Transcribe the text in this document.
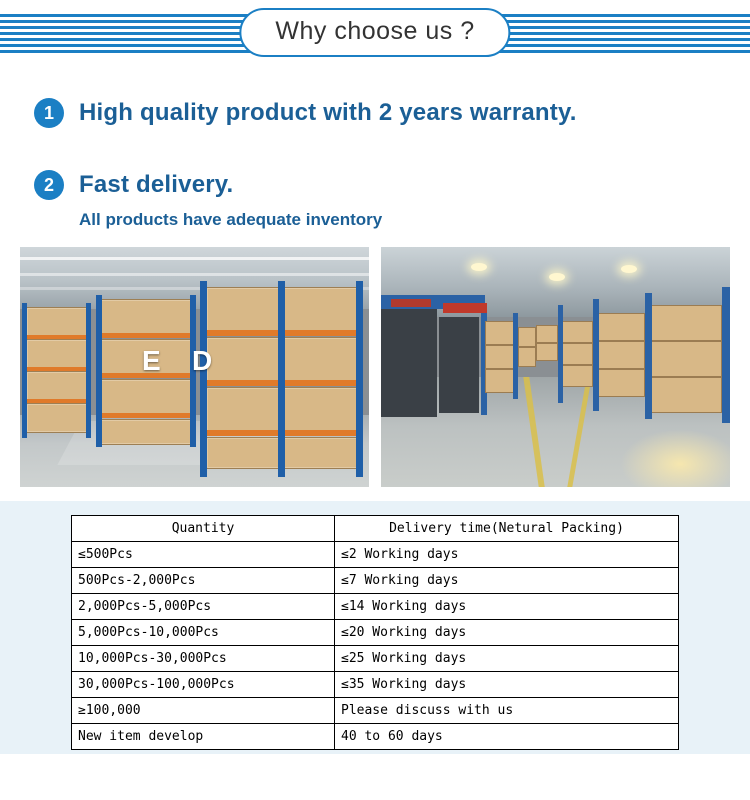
Why choose us ?
1	High quality product with 2 years warranty.
2	Fast delivery.
All products have adequate inventory
E D
Quantity	Delivery time(Netural Packing)
≤500Pcs	≤2 Working days
500Pcs-2,000Pcs	≤7 Working days
2,000Pcs-5,000Pcs	≤14 Working days
5,000Pcs-10,000Pcs	≤20 Working days
10,000Pcs-30,000Pcs	≤25 Working days
30,000Pcs-100,000Pcs	≤35 Working days
≥100,000	Please discuss with us
New item develop	40 to 60 days
